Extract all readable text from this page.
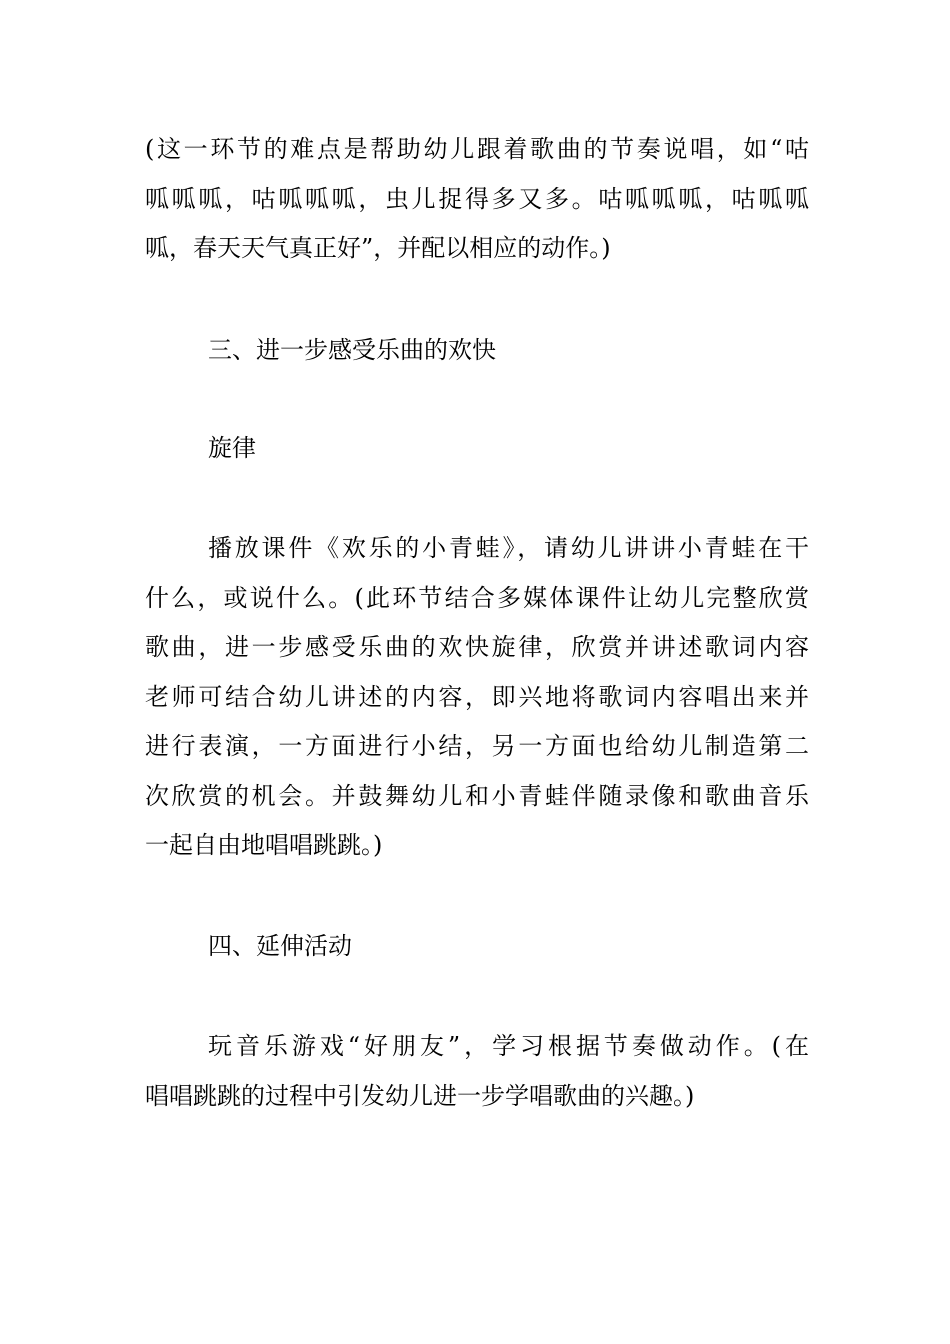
(这一环节的难点是帮助幼儿跟着歌曲的节奏说唱，如“咕
呱呱呱，咕呱呱呱，虫儿捉得多又多。咕呱呱呱，咕呱呱
呱，春天天气真正好”，并配以相应的动作。)
三、进一步感受乐曲的欢快
旋律
播放课件《欢乐的小青蛙》，请幼儿讲讲小青蛙在干
什么，或说什么。(此环节结合多媒体课件让幼儿完整欣赏
歌曲，进一步感受乐曲的欢快旋律，欣赏并讲述歌词内容
老师可结合幼儿讲述的内容，即兴地将歌词内容唱出来并
进行表演，一方面进行小结，另一方面也给幼儿制造第二
次欣赏的机会。并鼓舞幼儿和小青蛙伴随录像和歌曲音乐
一起自由地唱唱跳跳。)
四、延伸活动
玩音乐游戏“好朋友”，学习根据节奏做动作。(在
唱唱跳跳的过程中引发幼儿进一步学唱歌曲的兴趣。)
